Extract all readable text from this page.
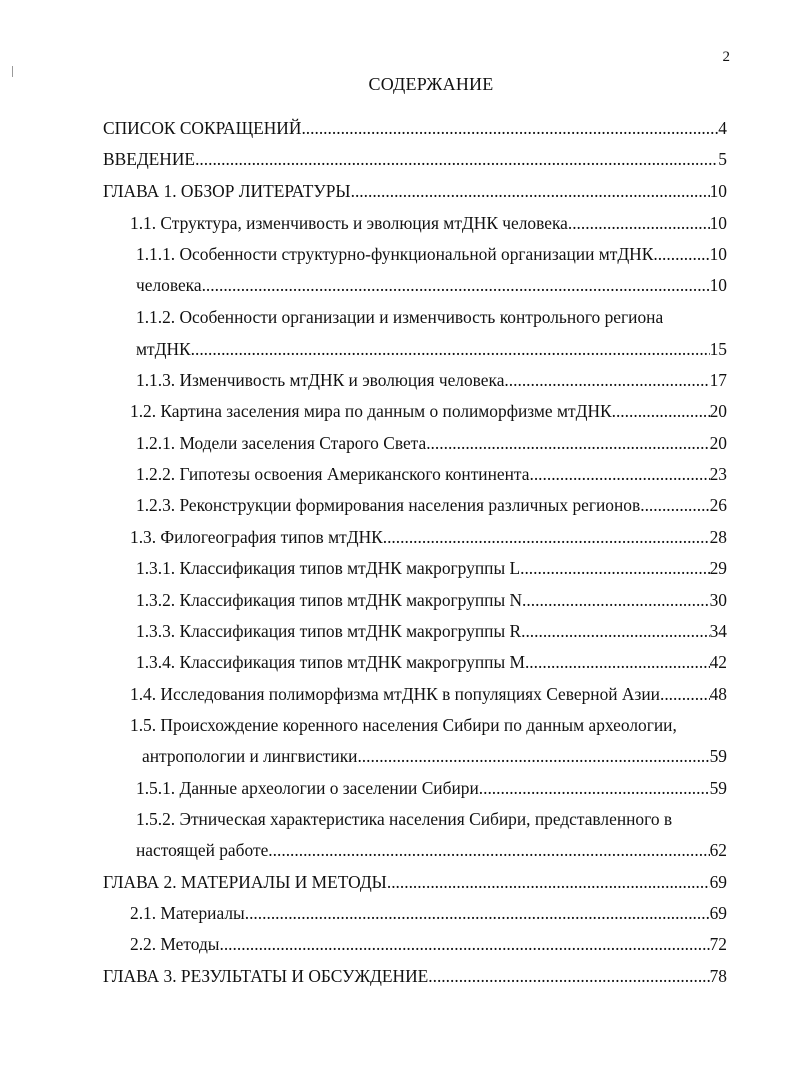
2
СОДЕРЖАНИЕ
СПИСОК СОКРАЩЕНИЙ .....	4
ВВЕДЕНИЕ .....	5
ГЛАВА 1. ОБЗОР ЛИТЕРАТУРЫ .....	10
1.1. Структура, изменчивость и эволюция мтДНК человека .....	10
1.1.1. Особенности структурно-функциональной организации мтДНК .....	10
человека .....	10
1.1.2. Особенности организации и изменчивость контрольного региона
мтДНК .....	15
1.1.3. Изменчивость мтДНК и эволюция человека .....	17
1.2. Картина заселения мира по данным о полиморфизме мтДНК .....	20
1.2.1. Модели заселения Старого Света .....	20
1.2.2. Гипотезы освоения Американского континента .....	23
1.2.3. Реконструкции формирования населения различных регионов .....	26
1.3. Филогеография типов мтДНК .....	28
1.3.1. Классификация типов мтДНК макрогруппы L .....	29
1.3.2. Классификация типов мтДНК макрогруппы N .....	30
1.3.3. Классификация типов мтДНК макрогруппы R .....	34
1.3.4. Классификация типов мтДНК макрогруппы M .....	42
1.4. Исследования полиморфизма мтДНК в популяциях Северной Азии .....	48
1.5. Происхождение коренного населения Сибири по данным археологии,
антропологии и лингвистики .....	59
1.5.1. Данные археологии о заселении Сибири .....	59
1.5.2. Этническая характеристика населения Сибири, представленного в
настоящей работе .....	62
ГЛАВА 2. МАТЕРИАЛЫ И МЕТОДЫ .....	69
2.1. Материалы .....	69
2.2. Методы .....	72
ГЛАВА 3. РЕЗУЛЬТАТЫ И ОБСУЖДЕНИЕ .....	78
